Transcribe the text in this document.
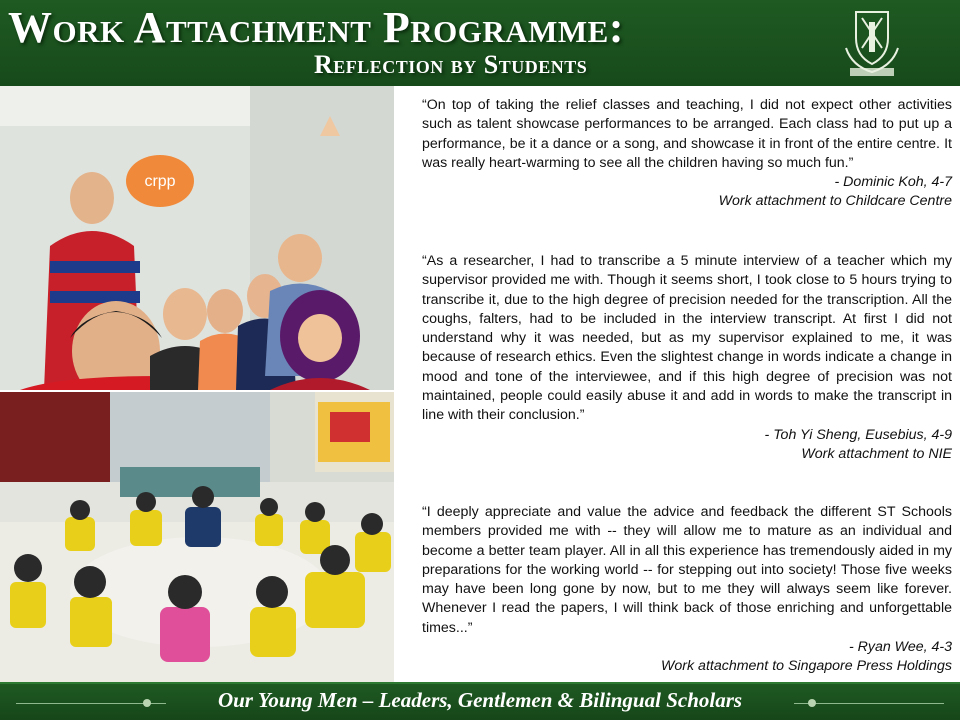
Work Attachment Programme:
Reflection by Students
crpp

“On top of taking the relief classes and teaching, I did not expect other activities such as talent showcase performances to be arranged. Each class had to put up a performance, be it a dance or a song, and showcase it in front of the entire centre. It was really heart-warming to see all the children having so much fun.”

- Dominic Koh, 4-7

Work attachment to Childcare Centre

“As a researcher, I had to transcribe a 5 minute interview of a teacher which my supervisor provided me with. Though it seems short, I took close to 5 hours trying to transcribe it, due to the high degree of precision needed for the transcription. All the coughs, falters, had to be included in the interview transcript. At first I did not understand why it was needed, but as my supervisor explained to me, it was because of research ethics. Even the slightest change in words indicate a change in mood and tone of the interviewee, and if this high degree of precision was not maintained, people could easily abuse it and add in words to make the transcript in line with their conclusion.”

- Toh Yi Sheng, Eusebius, 4-9

Work attachment to NIE

“I deeply appreciate and value the advice and feedback the different ST Schools members provided me with -- they will allow me to mature as an individual and become a better team player. All in all this experience has tremendously aided in my preparations for the working world -- for stepping out into society! Those five weeks may have been long gone by now, but to me they will always seem like forever. Whenever I read the papers, I will think back of those enriching and unforgettable times...”

- Ryan Wee, 4-3

Work attachment to Singapore Press Holdings

Our Young Men – Leaders, Gentlemen & Bilingual Scholars
